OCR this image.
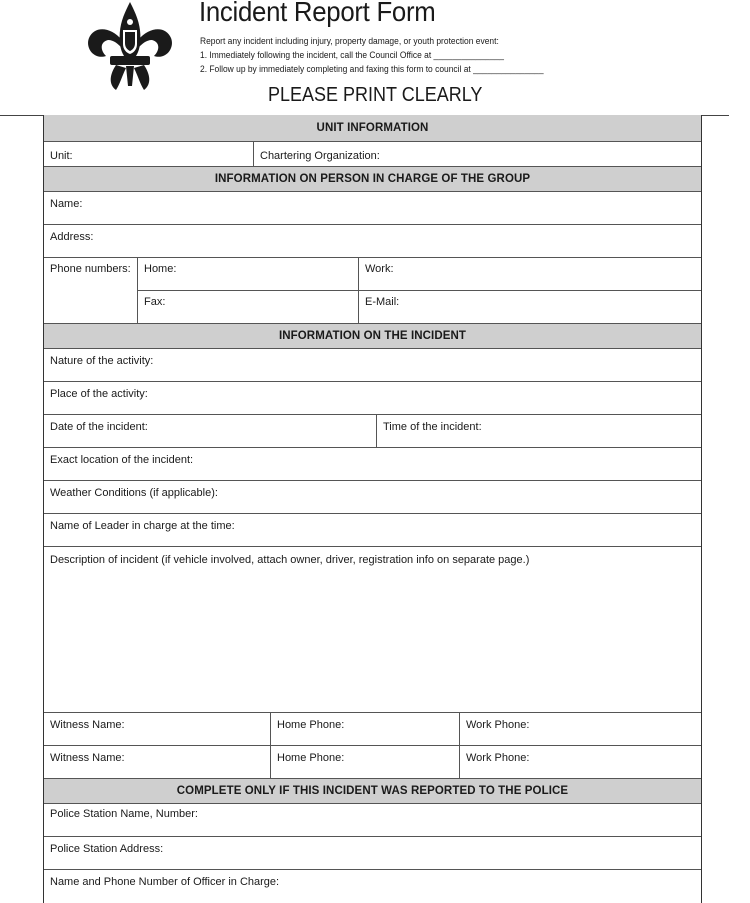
Incident Report Form
Report any incident including injury, property damage, or youth protection event:
1. Immediately following the incident, call the Council Office at _______________
2. Follow up by immediately completing and faxing this form to council at _______________
PLEASE PRINT CLEARLY
UNIT INFORMATION
Unit:	Chartering Organization:
INFORMATION ON PERSON IN CHARGE OF THE GROUP
Name:
Address:
Phone numbers:	Home:	Work:
Fax:	E-Mail:
INFORMATION ON THE INCIDENT
Nature of the activity:
Place of the activity:
Date of the incident:	Time of the incident:
Exact location of the incident:
Weather Conditions (if applicable):
Name of Leader in charge at the time:
Description of incident (if vehicle involved, attach owner, driver, registration info on separate page.)
Witness Name:	Home Phone:	Work Phone:
Witness Name:	Home Phone:	Work Phone:
COMPLETE ONLY IF THIS INCIDENT WAS REPORTED TO THE POLICE
Police Station Name, Number:
Police Station Address:
Name and Phone Number of Officer in Charge:
